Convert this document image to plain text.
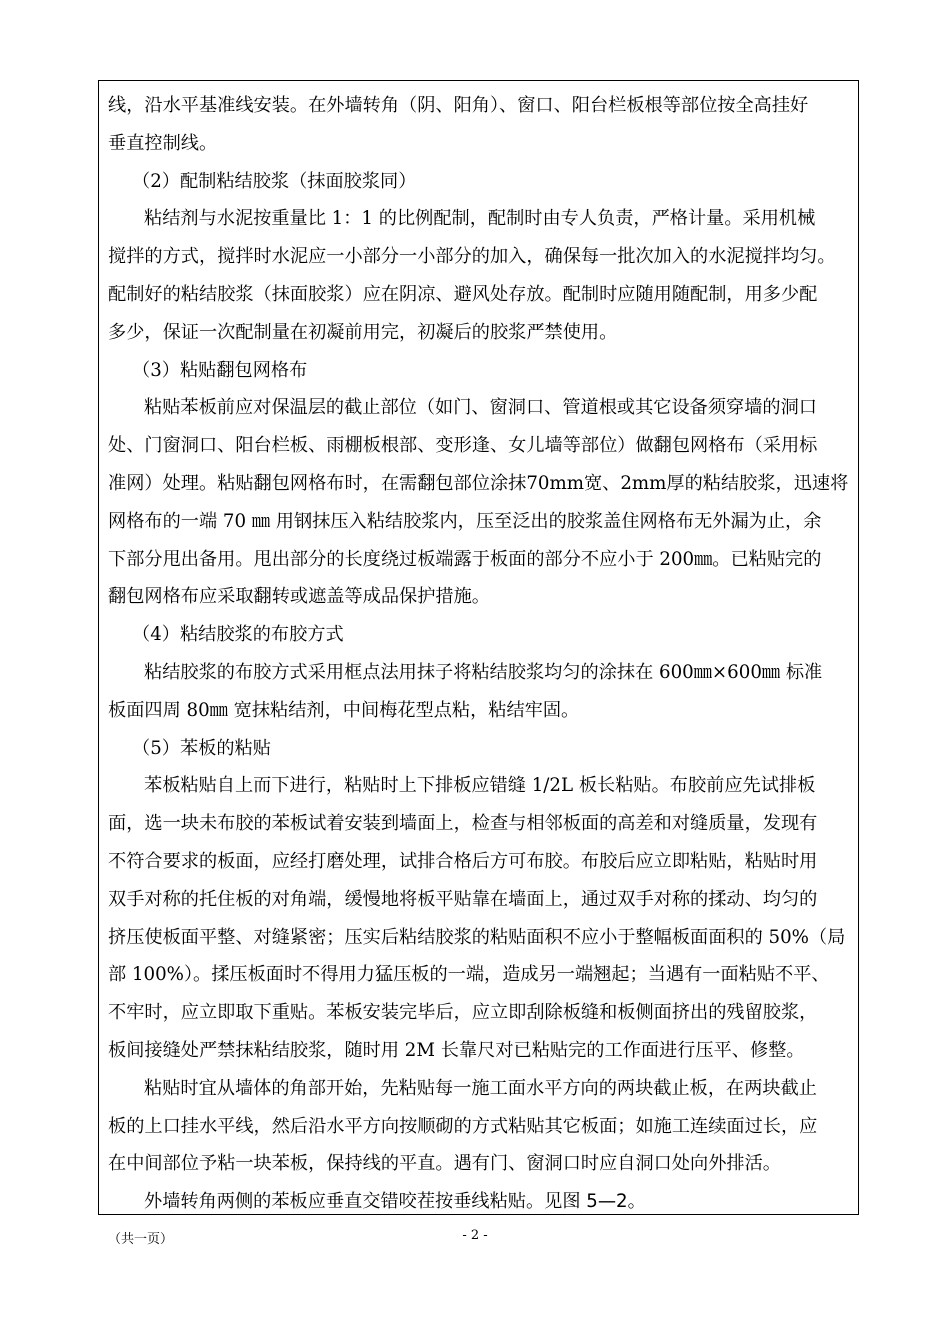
线，沿水平基准线安装。在外墙转角（阴、阳角）、窗口、阳台栏板根等部位按全高挂好
垂直控制线。
（2）配制粘结胶浆（抹面胶浆同）
粘结剂与水泥按重量比 1：1 的比例配制，配制时由专人负责，严格计量。采用机械
搅拌的方式，搅拌时水泥应一小部分一小部分的加入，确保每一批次加入的水泥搅拌均匀。
配制好的粘结胶浆（抹面胶浆）应在阴凉、避风处存放。配制时应随用随配制，用多少配
多少，保证一次配制量在初凝前用完，初凝后的胶浆严禁使用。
（3）粘贴翻包网格布
粘贴苯板前应对保温层的截止部位（如门、窗洞口、管道根或其它设备须穿墙的洞口
处、门窗洞口、阳台栏板、雨棚板根部、变形逢、女儿墙等部位）做翻包网格布（采用标
准网）处理。粘贴翻包网格布时，在需翻包部位涂抹70mm宽、2mm厚的粘结胶浆，迅速将
网格布的一端 70 ㎜ 用钢抹压入粘结胶浆内，压至泛出的胶浆盖住网格布无外漏为止，余
下部分甩出备用。甩出部分的长度绕过板端露于板面的部分不应小于 200㎜。已粘贴完的
翻包网格布应采取翻转或遮盖等成品保护措施。
（4）粘结胶浆的布胶方式
粘结胶浆的布胶方式采用框点法用抹子将粘结胶浆均匀的涂抹在 600㎜×600㎜ 标准
板面四周 80㎜ 宽抹粘结剂，中间梅花型点粘，粘结牢固。
（5）苯板的粘贴
苯板粘贴自上而下进行，粘贴时上下排板应错缝 1/2L 板长粘贴。布胶前应先试排板
面，选一块未布胶的苯板试着安装到墙面上，检查与相邻板面的高差和对缝质量，发现有
不符合要求的板面，应经打磨处理，试排合格后方可布胶。布胶后应立即粘贴，粘贴时用
双手对称的托住板的对角端，缓慢地将板平贴靠在墙面上，通过双手对称的揉动、均匀的
挤压使板面平整、对缝紧密；压实后粘结胶浆的粘贴面积不应小于整幅板面面积的 50%（局
部 100%）。揉压板面时不得用力猛压板的一端，造成另一端翘起；当遇有一面粘贴不平、
不牢时，应立即取下重贴。苯板安装完毕后，应立即刮除板缝和板侧面挤出的残留胶浆，
板间接缝处严禁抹粘结胶浆，随时用 2M 长靠尺对已粘贴完的工作面进行压平、修整。
粘贴时宜从墙体的角部开始，先粘贴每一施工面水平方向的两块截止板，在两块截止
板的上口挂水平线，然后沿水平方向按顺砌的方式粘贴其它板面；如施工连续面过长，应
在中间部位予粘一块苯板，保持线的平直。遇有门、窗洞口时应自洞口处向外排活。
外墙转角两侧的苯板应垂直交错咬茬按垂线粘贴。见图 5—2。
（共一页）	- 2 -
